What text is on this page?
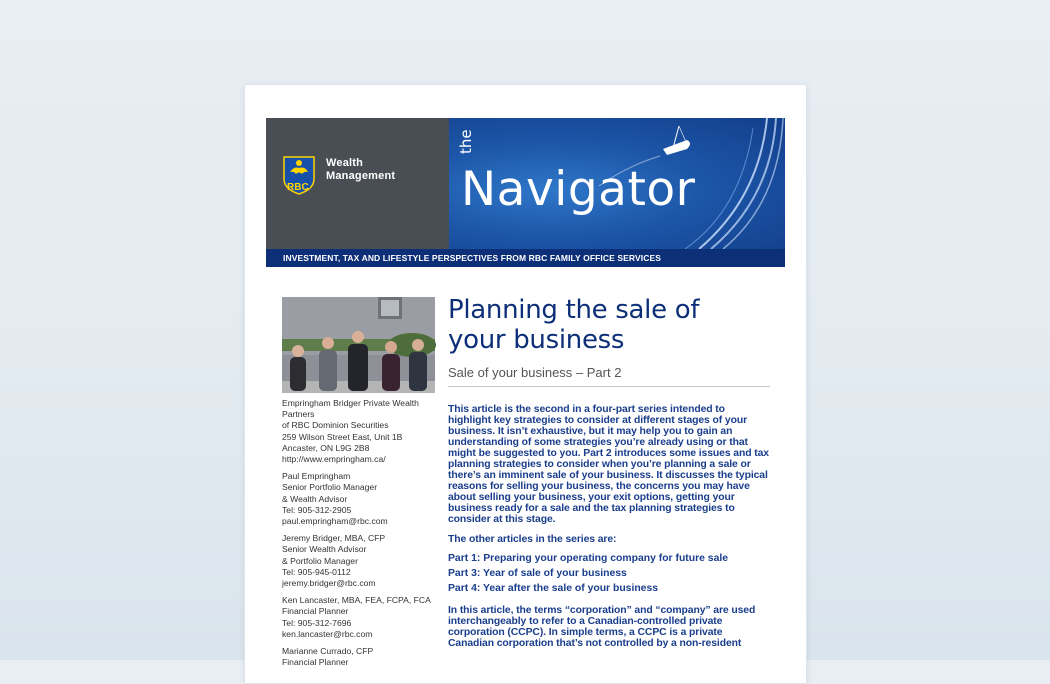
RBC
Wealth
Management
the
Navigator
INVESTMENT, TAX AND LIFESTYLE PERSPECTIVES FROM RBC FAMILY OFFICE SERVICES
Empringham Bridger Private Wealth
Partners
of RBC Dominion Securities
259 Wilson Street East, Unit 1B
Ancaster, ON L9G 2B8
http://www.empringham.ca/
Paul Empringham
Senior Portfolio Manager
& Wealth Advisor
Tel: 905-312-2905
paul.empringham@rbc.com
Jeremy Bridger, MBA, CFP
Senior Wealth Advisor
& Portfolio Manager
Tel: 905-945-0112
jeremy.bridger@rbc.com
Ken Lancaster, MBA, FEA, FCPA, FCA
Financial Planner
Tel: 905-312-7696
ken.lancaster@rbc.com
Marianne Currado, CFP
Financial Planner
Planning the sale of your business
Sale of your business – Part 2

This article is the second in a four-part series intended to highlight key strategies to consider at different stages of your business. It isn’t exhaustive, but it may help you to gain an understanding of some strategies you’re already using or that might be suggested to you. Part 2 introduces some issues and tax planning strategies to consider when you’re planning a sale or there’s an imminent sale of your business. It discusses the typical reasons for selling your business, the concerns you may have about selling your business, your exit options, getting your business ready for a sale and the tax planning strategies to consider at this stage.

The other articles in the series are:

Part 1: Preparing your operating company for future sale
Part 3: Year of sale of your business
Part 4: Year after the sale of your business

In this article, the terms “corporation” and “company” are used interchangeably to refer to a Canadian-controlled private corporation (CCPC). In simple terms, a CCPC is a private Canadian corporation that’s not controlled by a non-resident
